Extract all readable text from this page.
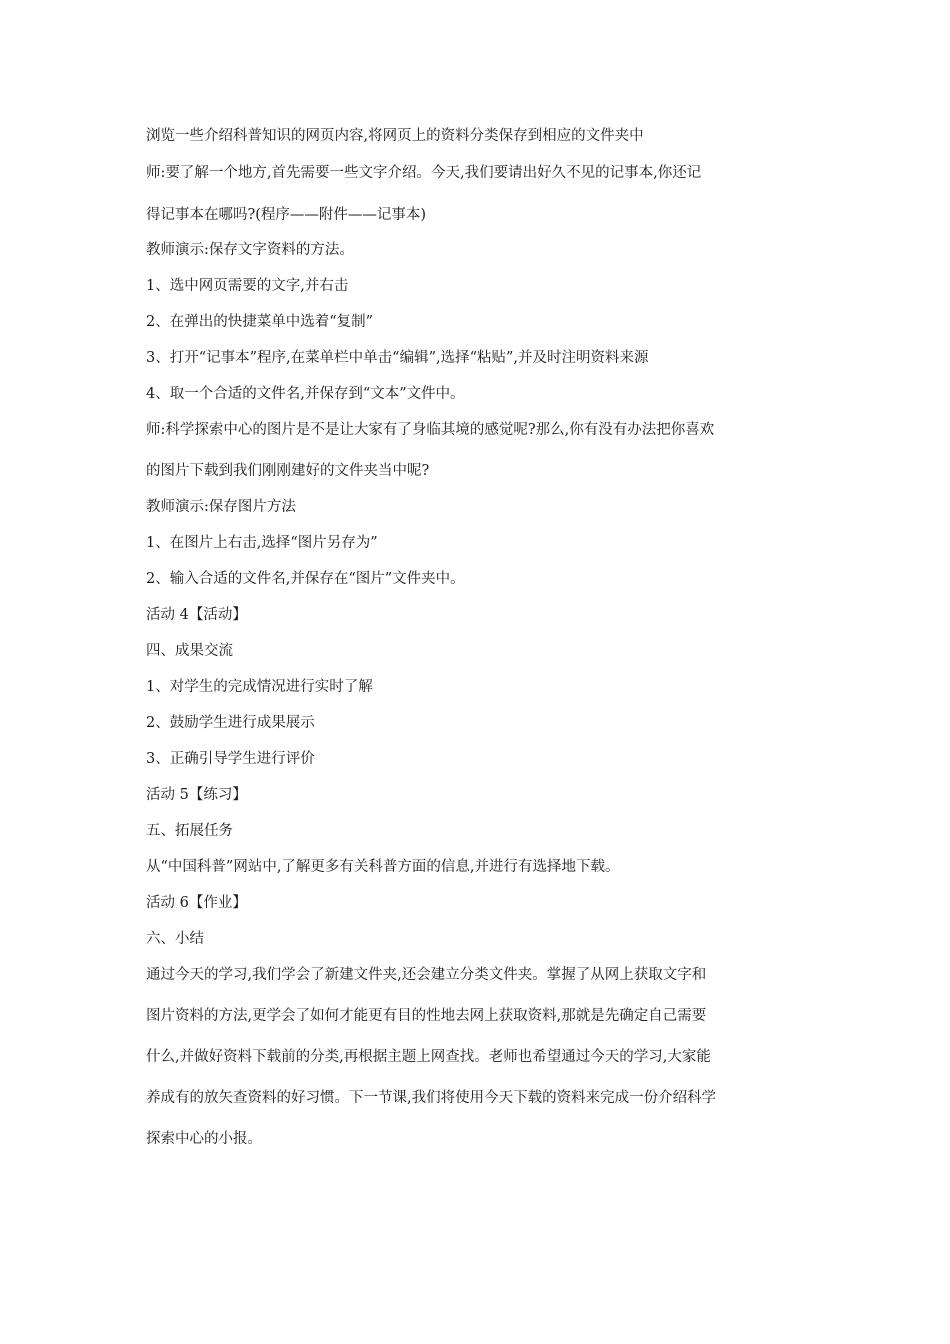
浏览一些介绍科普知识的网页内容,将网页上的资料分类保存到相应的文件夹中
师:要了解一个地方,首先需要一些文字介绍。今天,我们要请出好久不见的记事本,你还记
得记事本在哪吗?(程序——附件——记事本)
教师演示:保存文字资料的方法。
1、选中网页需要的文字,并右击
2、在弹出的快捷菜单中选着“复制”
3、打开“记事本”程序,在菜单栏中单击“编辑”,选择“粘贴”,并及时注明资料来源
4、取一个合适的文件名,并保存到“文本”文件中。
师:科学探索中心的图片是不是让大家有了身临其境的感觉呢?那么,你有没有办法把你喜欢
的图片下载到我们刚刚建好的文件夹当中呢?
教师演示:保存图片方法
1、在图片上右击,选择“图片另存为”
2、输入合适的文件名,并保存在“图片”文件夹中。
活动 4【活动】
四、成果交流
1、对学生的完成情况进行实时了解
2、鼓励学生进行成果展示
3、正确引导学生进行评价
活动 5【练习】
五、拓展任务
从“中国科普”网站中,了解更多有关科普方面的信息,并进行有选择地下载。
活动 6【作业】
六、小结
通过今天的学习,我们学会了新建文件夹,还会建立分类文件夹。掌握了从网上获取文字和
图片资料的方法,更学会了如何才能更有目的性地去网上获取资料,那就是先确定自己需要
什么,并做好资料下载前的分类,再根据主题上网查找。老师也希望通过今天的学习,大家能
养成有的放矢查资料的好习惯。下一节课,我们将使用今天下载的资料来完成一份介绍科学
探索中心的小报。
